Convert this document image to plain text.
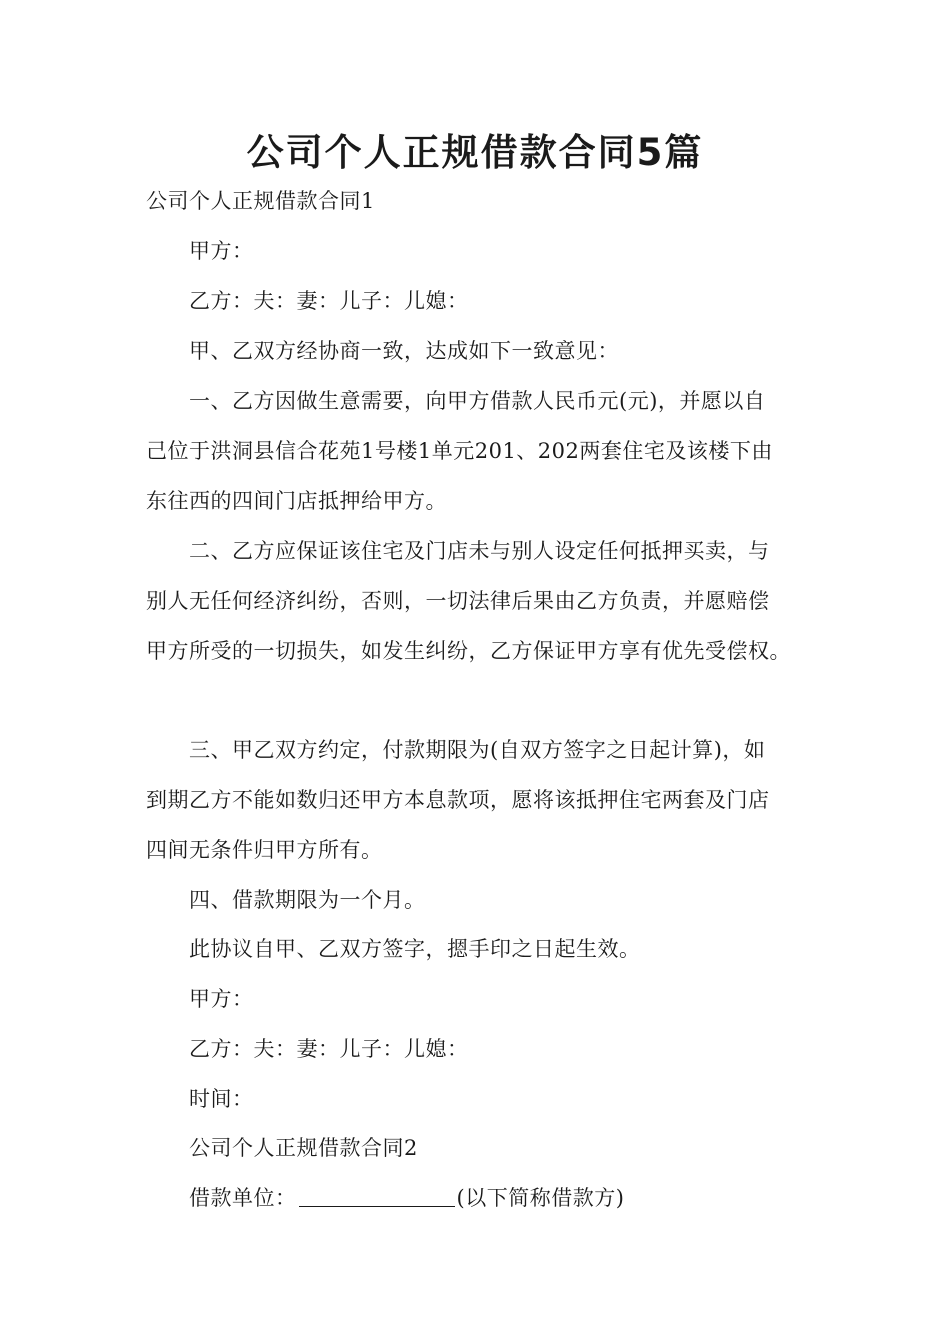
公司个人正规借款合同5篇
公司个人正规借款合同1
甲方：
乙方：夫：妻：儿子：儿媳：
甲、乙双方经协商一致，达成如下一致意见：
一、乙方因做生意需要，向甲方借款人民币元(元)，并愿以自
己位于洪洞县信合花苑1号楼1单元201、202两套住宅及该楼下由
东往西的四间门店抵押给甲方。
二、乙方应保证该住宅及门店未与别人设定任何抵押买卖，与
别人无任何经济纠纷，否则，一切法律后果由乙方负责，并愿赔偿
甲方所受的一切损失，如发生纠纷，乙方保证甲方享有优先受偿权。
三、甲乙双方约定，付款期限为(自双方签字之日起计算)，如
到期乙方不能如数归还甲方本息款项，愿将该抵押住宅两套及门店
四间无条件归甲方所有。
四、借款期限为一个月。
此协议自甲、乙双方签字，摁手印之日起生效。
甲方：
乙方：夫：妻：儿子：儿媳：
时间：
公司个人正规借款合同2
借款单位：	(以下简称借款方)
